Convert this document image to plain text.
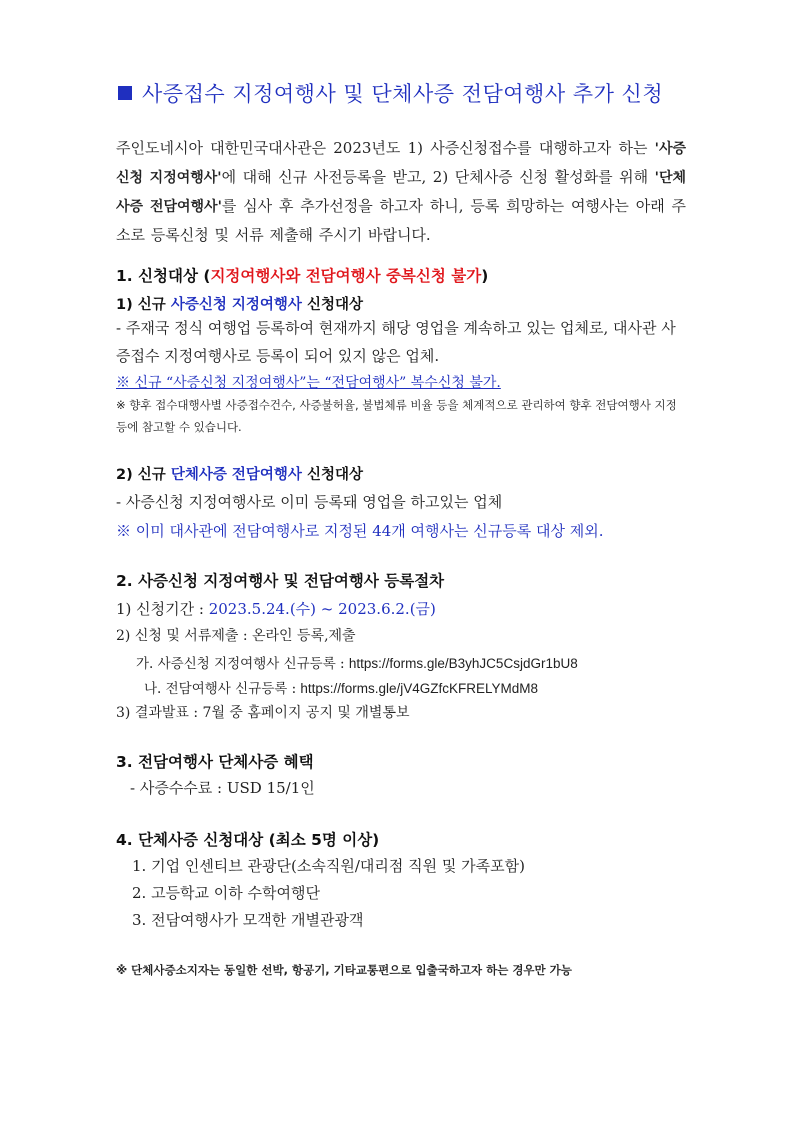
사증접수 지정여행사 및 단체사증 전담여행사 추가 신청
주인도네시아 대한민국대사관은 2023년도 1) 사증신청접수를 대행하고자 하는 '사증신청 지정여행사'에 대해 신규 사전등록을 받고, 2) 단체사증 신청 활성화를 위해 '단체사증 전담여행사'를 심사 후 추가선정을 하고자 하니, 등록 희망하는 여행사는 아래 주소로 등록신청 및 서류 제출해 주시기 바랍니다.
1. 신청대상 (지정여행사와 전담여행사 중복신청 불가)
1) 신규 사증신청 지정여행사 신청대상
- 주재국 정식 여행업 등록하여 현재까지 해당 영업을 계속하고 있는 업체로, 대사관 사증접수 지정여행사로 등록이 되어 있지 않은 업체.
※ 신규 “사증신청 지정여행사”는 “전담여행사” 복수신청 불가.
※ 향후 접수대행사별 사증접수건수, 사증불허율, 불법체류 비율 등을 체계적으로 관리하여 향후 전담여행사 지정 등에 참고할 수 있습니다.
2) 신규 단체사증 전담여행사 신청대상
- 사증신청 지정여행사로 이미 등록돼 영업을 하고있는 업체
※ 이미 대사관에 전담여행사로 지정된 44개 여행사는 신규등록 대상 제외.
2. 사증신청 지정여행사 및 전담여행사 등록절차
1) 신청기간 : 2023.5.24.(수) ~ 2023.6.2.(금)
2) 신청 및 서류제출 : 온라인 등록,제출
가. 사증신청 지정여행사 신규등록 : https://forms.gle/B3yhJC5CsjdGr1bU8
나. 전담여행사 신규등록 : https://forms.gle/jV4GZfcKFRELYMdM8
3) 결과발표 : 7월 중 홈페이지 공지 및 개별통보
3. 전담여행사 단체사증 혜택
- 사증수수료 : USD 15/1인
4. 단체사증 신청대상 (최소 5명 이상)
1. 기업 인센티브 관광단(소속직원/대리점 직원 및 가족포함)
2. 고등학교 이하 수학여행단
3. 전담여행사가 모객한 개별관광객
※ 단체사증소지자는 동일한 선박, 항공기, 기타교통편으로 입출국하고자 하는 경우만 가능
